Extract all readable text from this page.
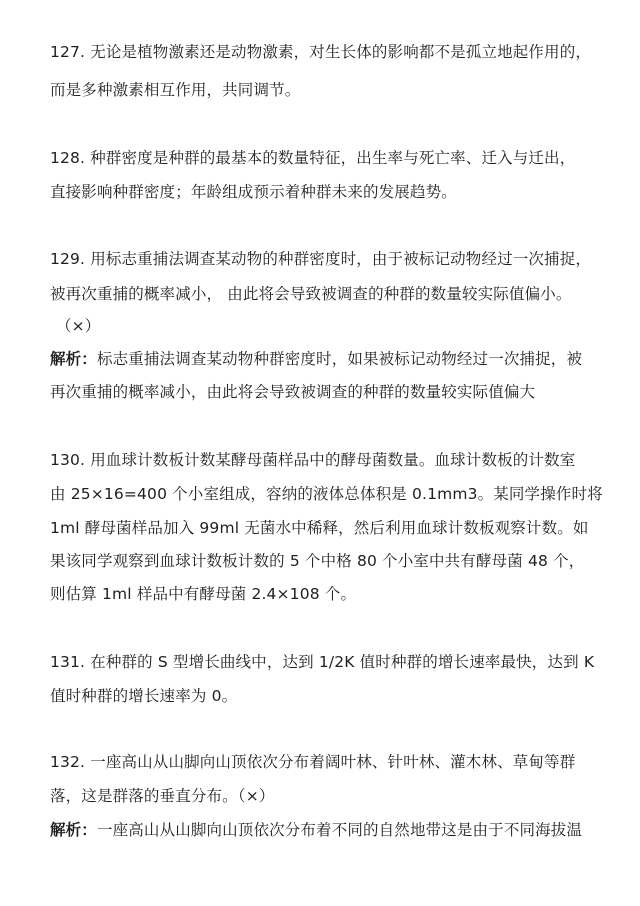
127. 无论是植物激素还是动物激素，对生长体的影响都不是孤立地起作用的，
而是多种激素相互作用，共同调节。
128. 种群密度是种群的最基本的数量特征，出生率与死亡率、迁入与迁出，
直接影响种群密度；年龄组成预示着种群未来的发展趋势。
129. 用标志重捕法调查某动物的种群密度时，由于被标记动物经过一次捕捉，
被再次重捕的概率减小， 由此将会导致被调查的种群的数量较实际值偏小。
（×）
解析：标志重捕法调查某动物种群密度时，如果被标记动物经过一次捕捉，被
再次重捕的概率减小，由此将会导致被调查的种群的数量较实际值偏大
130. 用血球计数板计数某酵母菌样品中的酵母菌数量。血球计数板的计数室
由 25×16=400 个小室组成，容纳的液体总体积是 0.1mm3。某同学操作时将
1ml 酵母菌样品加入 99ml 无菌水中稀释，然后利用血球计数板观察计数。如
果该同学观察到血球计数板计数的 5 个中格 80 个小室中共有酵母菌 48 个，
则估算 1ml 样品中有酵母菌 2.4×108 个。
131. 在种群的 S 型增长曲线中，达到 1/2K 值时种群的增长速率最快，达到 K
值时种群的增长速率为 0。
132. 一座高山从山脚向山顶依次分布着阔叶林、针叶林、灌木林、草甸等群
落，这是群落的垂直分布。（×）
解析：一座高山从山脚向山顶依次分布着不同的自然地带这是由于不同海拔温
